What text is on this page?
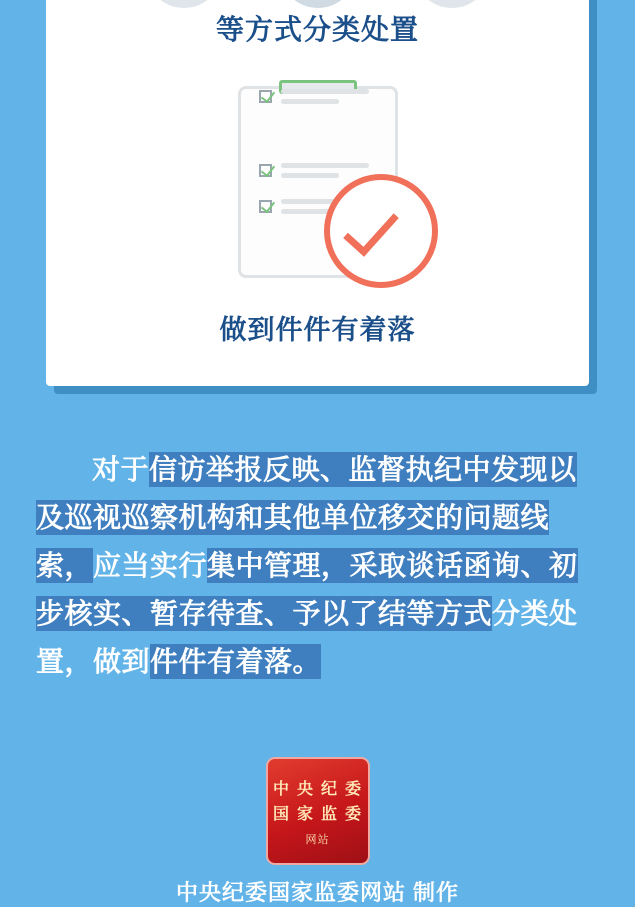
等方式分类处置
做到件件有着落

对于信访举报反映、监督执纪中发现以及巡视巡察机构和其他单位移交的问题线索，应当实行集中管理，采取谈话函询、初步核实、暂存待查、予以了结等方式分类处置，做到件件有着落。

中 央 纪 委
国 家 监 委
网站
中央纪委国家监委网站 制作
